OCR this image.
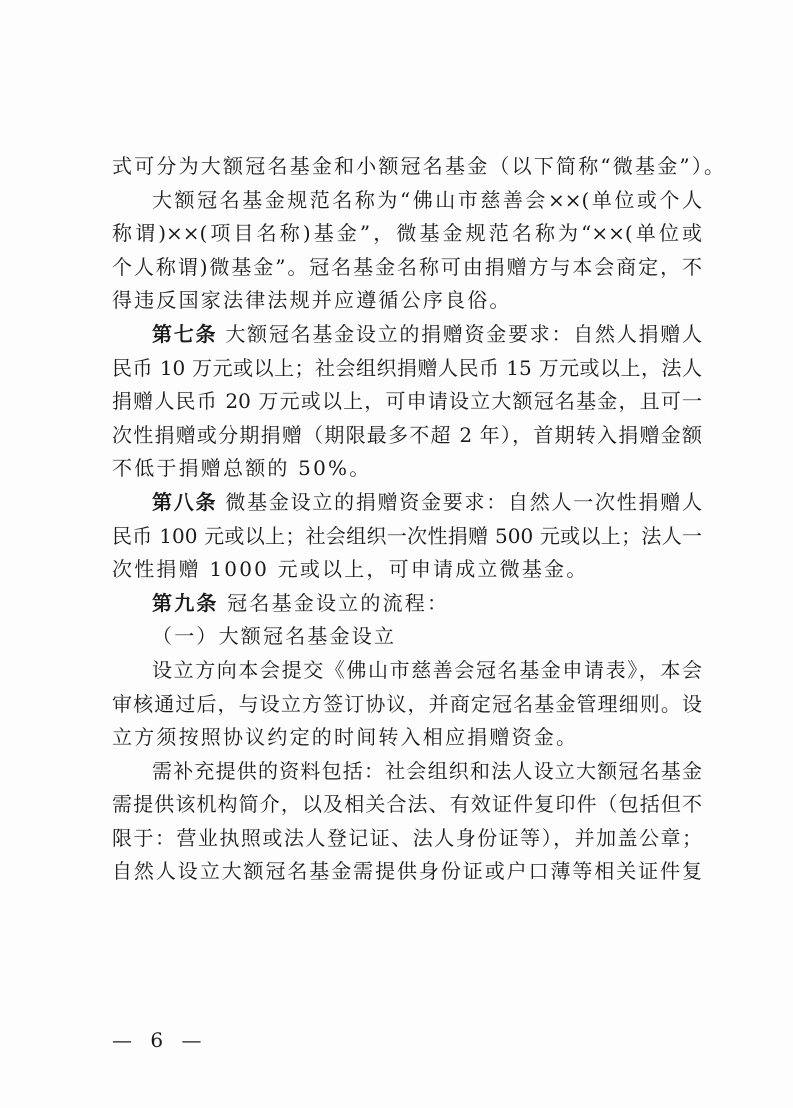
式可分为大额冠名基金和小额冠名基金（以下简称“微基金”）。
大额冠名基金规范名称为“佛山市慈善会××(单位或个人
称谓)××(项目名称)基金”，微基金规范名称为“××(单位或
个人称谓)微基金”。冠名基金名称可由捐赠方与本会商定，不
得违反国家法律法规并应遵循公序良俗。
第七条 大额冠名基金设立的捐赠资金要求：自然人捐赠人
民币 10 万元或以上；社会组织捐赠人民币 15 万元或以上，法人
捐赠人民币 20 万元或以上，可申请设立大额冠名基金，且可一
次性捐赠或分期捐赠（期限最多不超 2 年），首期转入捐赠金额
不低于捐赠总额的 50%。
第八条 微基金设立的捐赠资金要求：自然人一次性捐赠人
民币 100 元或以上；社会组织一次性捐赠 500 元或以上；法人一
次性捐赠 1000 元或以上，可申请成立微基金。
第九条 冠名基金设立的流程：
（一）大额冠名基金设立
设立方向本会提交《佛山市慈善会冠名基金申请表》，本会
审核通过后，与设立方签订协议，并商定冠名基金管理细则。设
立方须按照协议约定的时间转入相应捐赠资金。
需补充提供的资料包括：社会组织和法人设立大额冠名基金
需提供该机构简介，以及相关合法、有效证件复印件（包括但不
限于：营业执照或法人登记证、法人身份证等），并加盖公章；
自然人设立大额冠名基金需提供身份证或户口薄等相关证件复
— 6 —
